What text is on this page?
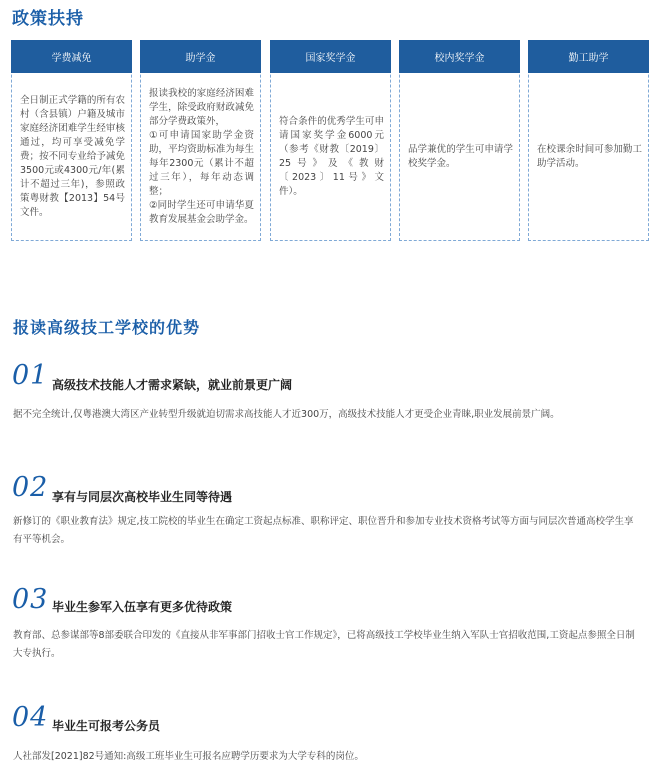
政策扶持
学费减免

全日制正式学籍的所有农村（含县镇）户籍及城市家庭经济团难学生经审核通过，均可享受减免学费；按不同专业给予减免3500元或4300元/年(累计不超过三年)，参照政策粤财教【2013】54号文件。

助学金

报读我校的家庭经济困难学生，除受政府财政减免部分学费政策外，

①可申请国家助学金资助，平均资助标准为每生每年2300元（累计不超过三年），每年动态调整；

②同时学生还可申请华夏教育发展基金会助学金。

国家奖学金

符合条件的优秀学生可申请国家奖学金6000元（参考《财教〔2019〕25号》及《教财〔2023〕11号》文件）。

校内奖学金

品学兼优的学生可申请学校奖学金。

勤工助学

在校课余时间可参加勤工助学活动。

报读高级技工学校的优势
01 高级技术技能人才需求紧缺，就业前景更广阔
据不完全统计,仅粤港澳大湾区产业转型升级就迫切需求高技能人才近300万，高级技术技能人才更受企业青睐,职业发展前景广阔。
02 享有与同层次高校毕业生同等待遇
新修订的《职业教育法》规定,技工院校的毕业生在确定工资起点标准、职称评定、职位晋升和参加专业技术资格考试等方面与同层次普通高校学生享有平等机会。
03 毕业生参军入伍享有更多优待政策
教育部、总参谋部等8部委联合印发的《直接从非军事部门招收士官工作规定》，已将高级技工学校毕业生纳入军队士官招收范围,工资起点参照全日制大专执行。
04 毕业生可报考公务员
人社部发[2021]82号通知:高级工班毕业生可报名应聘学历要求为大学专科的岗位。
